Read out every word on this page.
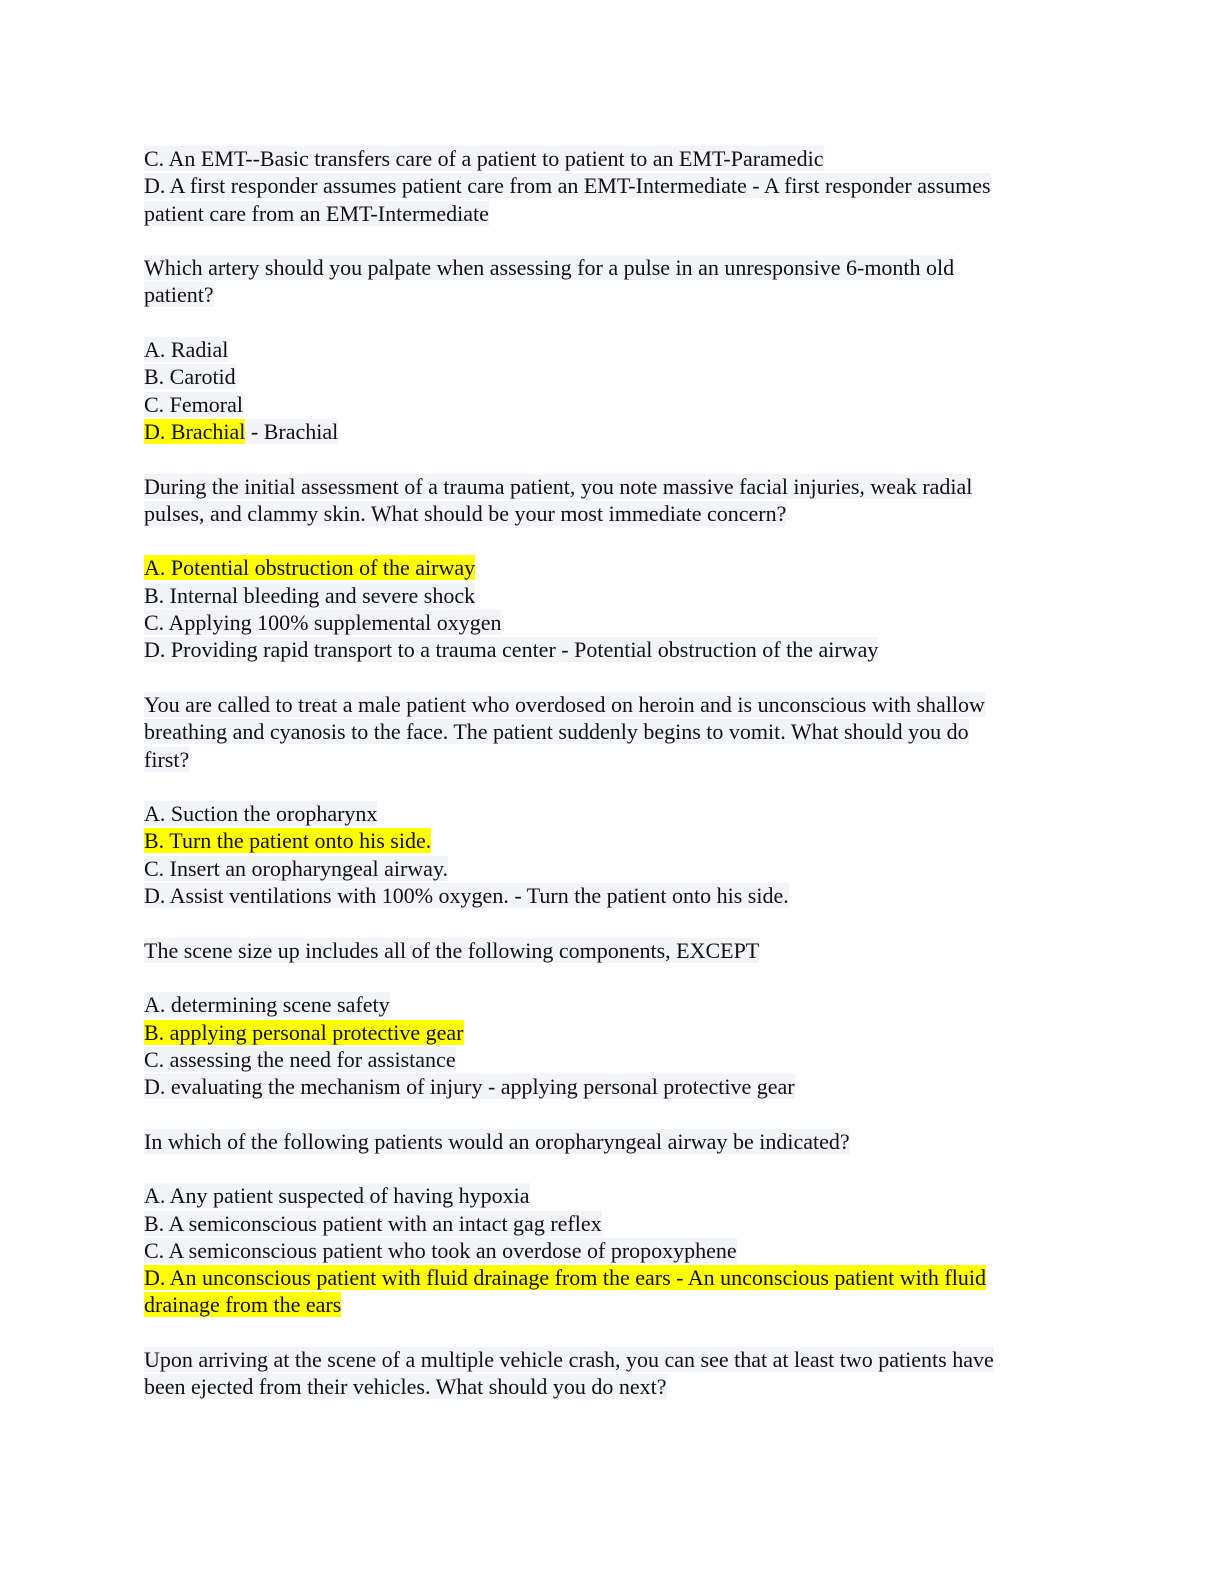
C. An EMT--Basic transfers care of a patient to patient to an EMT-Paramedic
D. A first responder assumes patient care from an EMT-Intermediate - A first responder assumes
patient care from an EMT-Intermediate
Which artery should you palpate when assessing for a pulse in an unresponsive 6-month old
patient?
A. Radial
B. Carotid
C. Femoral
D. Brachial - Brachial
During the initial assessment of a trauma patient, you note massive facial injuries, weak radial
pulses, and clammy skin. What should be your most immediate concern?
A. Potential obstruction of the airway
B. Internal bleeding and severe shock
C. Applying 100% supplemental oxygen
D. Providing rapid transport to a trauma center - Potential obstruction of the airway
You are called to treat a male patient who overdosed on heroin and is unconscious with shallow
breathing and cyanosis to the face. The patient suddenly begins to vomit. What should you do
first?
A. Suction the oropharynx
B. Turn the patient onto his side.
C. Insert an oropharyngeal airway.
D. Assist ventilations with 100% oxygen. - Turn the patient onto his side.
The scene size up includes all of the following components, EXCEPT
A. determining scene safety
B. applying personal protective gear
C. assessing the need for assistance
D. evaluating the mechanism of injury - applying personal protective gear
In which of the following patients would an oropharyngeal airway be indicated?
A. Any patient suspected of having hypoxia
B. A semiconscious patient with an intact gag reflex
C. A semiconscious patient who took an overdose of propoxyphene
D. An unconscious patient with fluid drainage from the ears - An unconscious patient with fluid
drainage from the ears
Upon arriving at the scene of a multiple vehicle crash, you can see that at least two patients have
been ejected from their vehicles. What should you do next?
